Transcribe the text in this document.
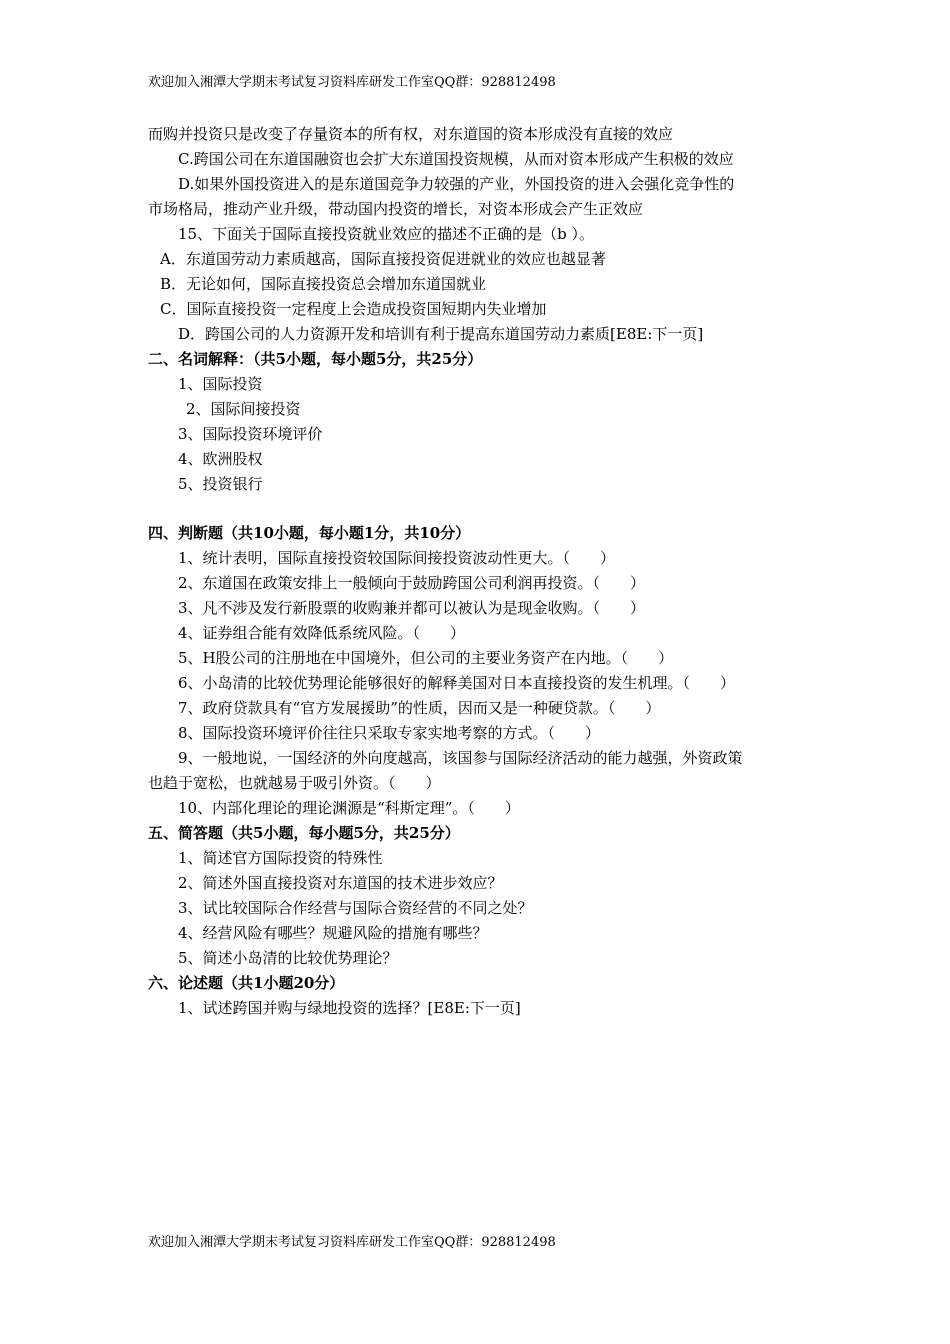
欢迎加入湘潭大学期末考试复习资料库研发工作室QQ群：928812498
而购并投资只是改变了存量资本的所有权，对东道国的资本形成没有直接的效应
C.跨国公司在东道国融资也会扩大东道国投资规模，从而对资本形成产生积极的效应
D.如果外国投资进入的是东道国竞争力较强的产业，外国投资的进入会强化竞争性的
市场格局，推动产业升级，带动国内投资的增长，对资本形成会产生正效应
15、下面关于国际直接投资就业效应的描述不正确的是（b ）。
A．东道国劳动力素质越高，国际直接投资促进就业的效应也越显著
B．无论如何，国际直接投资总会增加东道国就业
C．国际直接投资一定程度上会造成投资国短期内失业增加
D．跨国公司的人力资源开发和培训有利于提高东道国劳动力素质[E8E:下一页]
二、名词解释：（共5小题，每小题5分，共25分）
1、国际投资
2、国际间接投资
3、国际投资环境评价
4、欧洲股权
5、投资银行
四、判断题（共10小题，每小题1分，共10分）
1、统计表明，国际直接投资较国际间接投资波动性更大。（　　）
2、东道国在政策安排上一般倾向于鼓励跨国公司利润再投资。（　　）
3、凡不涉及发行新股票的收购兼并都可以被认为是现金收购。（　　）
4、证券组合能有效降低系统风险。（　　）
5、H股公司的注册地在中国境外，但公司的主要业务资产在内地。（　　）
6、小岛清的比较优势理论能够很好的解释美国对日本直接投资的发生机理。（　　）
7、政府贷款具有“官方发展援助”的性质，因而又是一种硬贷款。（　　）
8、国际投资环境评价往往只采取专家实地考察的方式。（　　）
9、一般地说，一国经济的外向度越高，该国参与国际经济活动的能力越强，外资政策
也趋于宽松，也就越易于吸引外资。（　　）
10、内部化理论的理论渊源是“科斯定理”。（　　）
五、简答题（共5小题，每小题5分，共25分）
1、简述官方国际投资的特殊性
2、简述外国直接投资对东道国的技术进步效应？
3、试比较国际合作经营与国际合资经营的不同之处？
4、经营风险有哪些？规避风险的措施有哪些？
5、简述小岛清的比较优势理论？
六、论述题（共1小题20分）
1、试述跨国并购与绿地投资的选择？[E8E:下一页]
欢迎加入湘潭大学期末考试复习资料库研发工作室QQ群：928812498
